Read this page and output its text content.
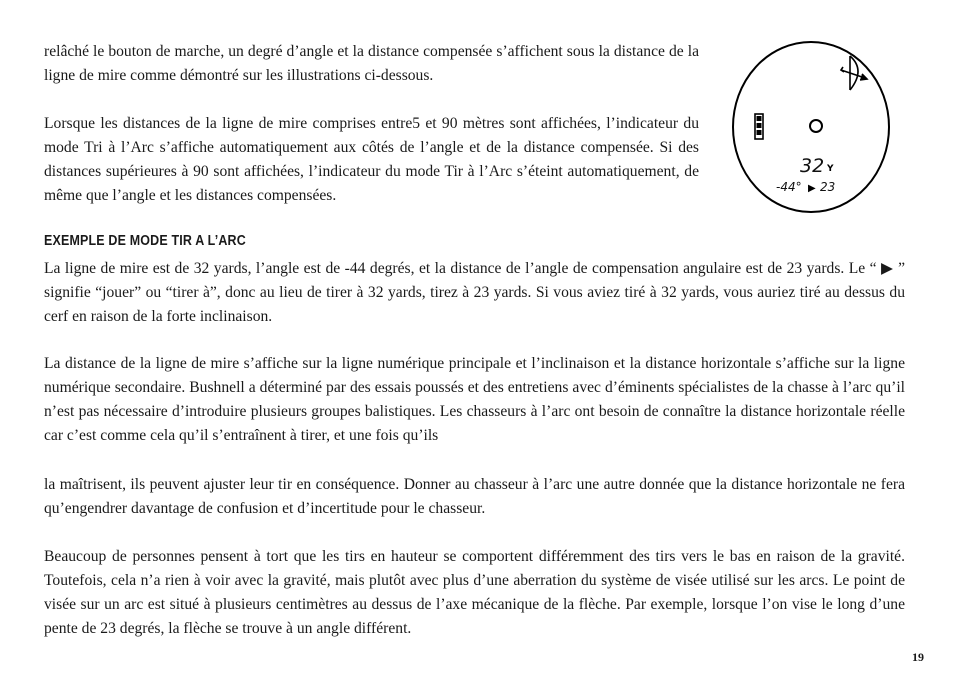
relâché le bouton de marche, un degré d’angle et la distance compensée s’affichent sous la distance de la ligne de mire comme démontré sur les illustrations ci-dessous.
Lorsque les distances de la ligne de mire comprises entre5 et 90 mètres sont affichées, l’indicateur du mode Tri à l’Arc s’affiche automatiquement aux côtés de l’angle et de la distance compensée. Si des distances supérieures à 90 sont affichées, l’indicateur du mode Tir à l’Arc s’éteint automatiquement, de même que l’angle et les distances compensées.
32 Y
-44° ▶ 23
EXEMPLE DE MODE TIR A L’ARC
La ligne de mire est de 32 yards, l’angle est de -44 degrés, et la distance de l’angle de compensation angulaire est de 23 yards. Le “ ▶ ” signifie “jouer” ou “tirer à”, donc au lieu de tirer à 32 yards, tirez à 23 yards. Si vous aviez tiré à 32 yards, vous auriez tiré au dessus du cerf en raison de la forte inclinaison.
La distance de la ligne de mire s’affiche sur la ligne numérique principale et l’inclinaison et la distance horizontale s’affiche sur la ligne numérique secondaire. Bushnell a déterminé par des essais poussés et des entretiens avec d’éminents spécialistes de la chasse à l’arc qu’il n’est pas nécessaire d’introduire plusieurs groupes balistiques. Les chasseurs à l’arc ont besoin de connaître la distance horizontale réelle car c’est comme cela qu’il s’entraînent à tirer, et une fois qu’ils
la maîtrisent, ils peuvent ajuster leur tir en conséquence. Donner au chasseur à l’arc une autre donnée que la distance horizontale ne fera qu’engendrer davantage de confusion et d’incertitude pour le chasseur.
Beaucoup de personnes pensent à tort que les tirs en hauteur se comportent différemment des tirs vers le bas en raison de la gravité. Toutefois, cela n’a rien à voir avec la gravité, mais plutôt avec plus d’une aberration du système de visée utilisé sur les arcs. Le point de visée sur un arc est situé à plusieurs centimètres au dessus de l’axe mécanique de la flèche. Par exemple, lorsque l’on vise le long d’une pente de 23 degrés, la flèche se trouve à un angle différent.
19
